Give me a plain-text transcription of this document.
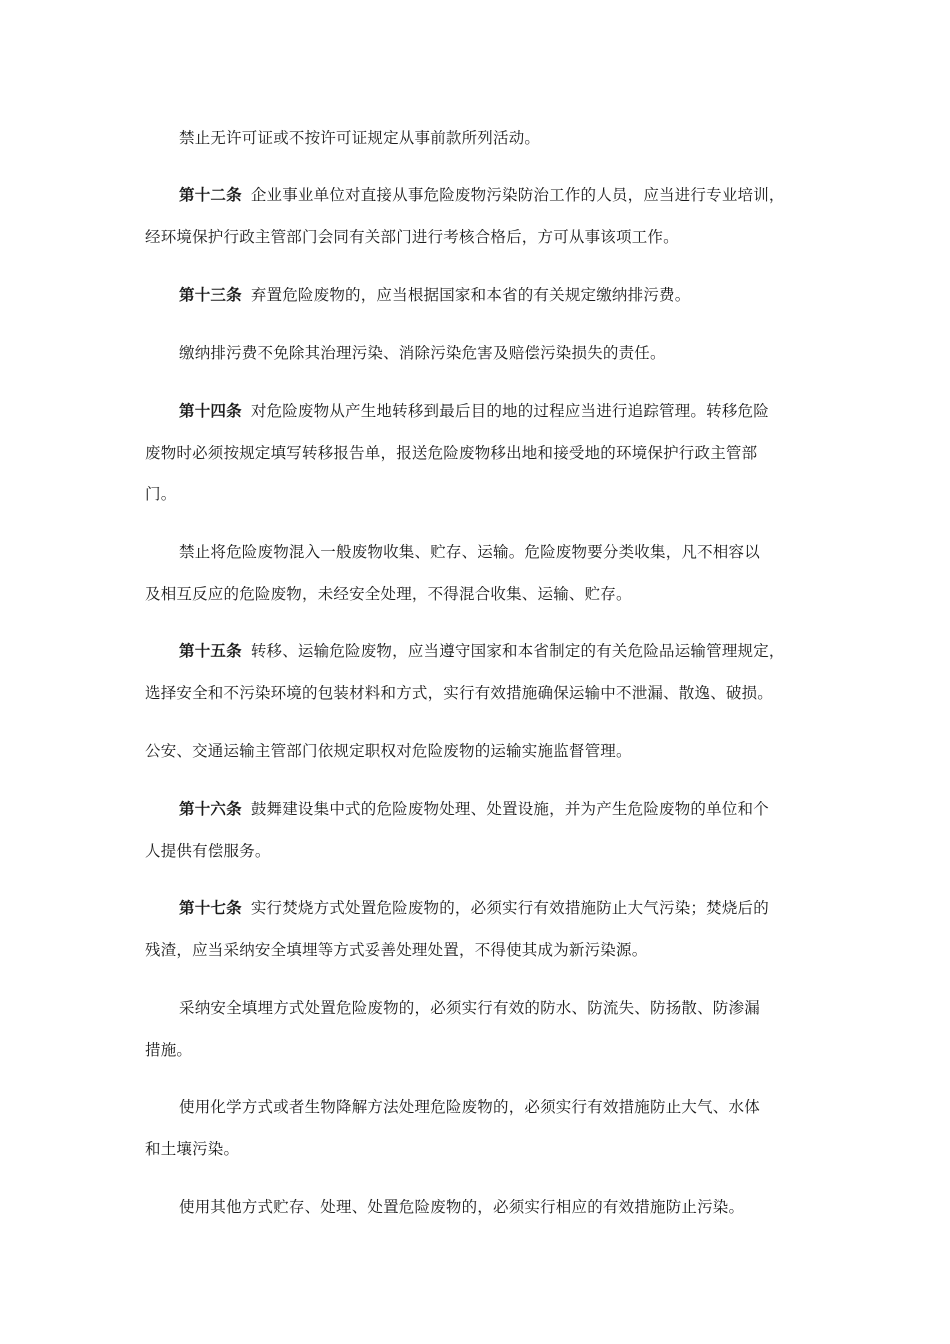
禁止无许可证或不按许可证规定从事前款所列活动。
第十二条 企业事业单位对直接从事危险废物污染防治工作的人员，应当进行专业培训，
经环境保护行政主管部门会同有关部门进行考核合格后，方可从事该项工作。
第十三条 弃置危险废物的，应当根据国家和本省的有关规定缴纳排污费。
缴纳排污费不免除其治理污染、消除污染危害及赔偿污染损失的责任。
第十四条 对危险废物从产生地转移到最后目的地的过程应当进行追踪管理。转移危险
废物时必须按规定填写转移报告单，报送危险废物移出地和接受地的环境保护行政主管部
门。
禁止将危险废物混入一般废物收集、贮存、运输。危险废物要分类收集，凡不相容以
及相互反应的危险废物，未经安全处理，不得混合收集、运输、贮存。
第十五条 转移、运输危险废物，应当遵守国家和本省制定的有关危险品运输管理规定，
选择安全和不污染环境的包装材料和方式，实行有效措施确保运输中不泄漏、散逸、破损。
公安、交通运输主管部门依规定职权对危险废物的运输实施监督管理。
第十六条 鼓舞建设集中式的危险废物处理、处置设施，并为产生危险废物的单位和个
人提供有偿服务。
第十七条 实行焚烧方式处置危险废物的，必须实行有效措施防止大气污染；焚烧后的
残渣，应当采纳安全填埋等方式妥善处理处置，不得使其成为新污染源。
采纳安全填埋方式处置危险废物的，必须实行有效的防水、防流失、防扬散、防渗漏
措施。
使用化学方式或者生物降解方法处理危险废物的，必须实行有效措施防止大气、水体
和土壤污染。
使用其他方式贮存、处理、处置危险废物的，必须实行相应的有效措施防止污染。
